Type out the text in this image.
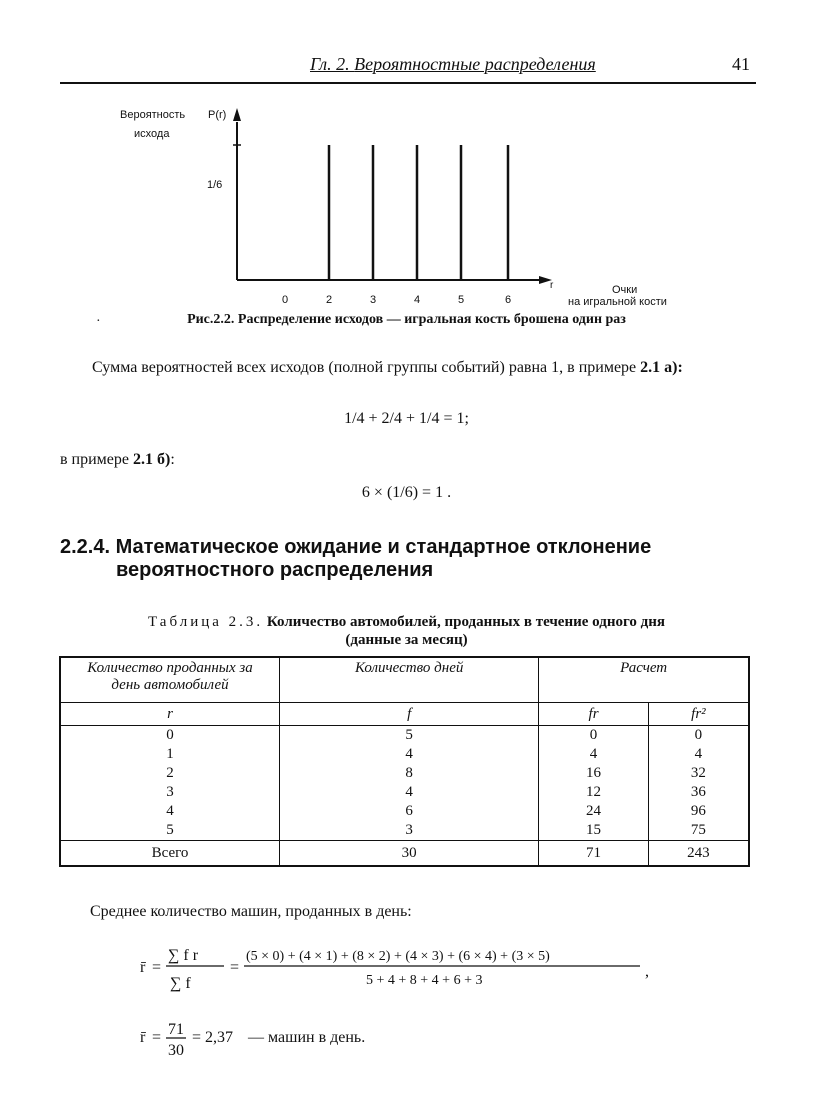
Гл. 2. Вероятностные распределения	41
Вероятность
исхода
P(r)
1/6
r	Очки
на игральной кости
0	2	3	4	5	6
·	Рис.2.2. Распределение исходов — игральная кость брошена один раз
Сумма вероятностей всех исходов (полной группы событий) равна 1, в примере 2.1 а):
1/4 + 2/4 + 1/4 = 1;
в примере 2.1 б):
6 × (1/6) = 1 .
2.2.4. Математическое ожидание и стандартное отклонение
вероятностного распределения
Таблица 2.3. Количество автомобилей, проданных в течение одного дня
(данные за месяц)
Количество проданных за день автомобилей	Количество дней	Расчет	
r	f	fr	fr²
0	5	0	0
1	4	4	4
2	8	16	32
3	4	12	36
4	6	24	96
5	3	15	75
Всего	30	71	243
Среднее количество машин, проданных в день:
r̄ =
∑ f r
∑ f
=
(5 × 0) + (4 × 1) + (8 × 2) + (4 × 3) + (6 × 4) + (3 × 5)
5 + 4 + 8 + 4 + 6 + 3
,
r̄ = 71
30
= 2,37 — машин в день.
